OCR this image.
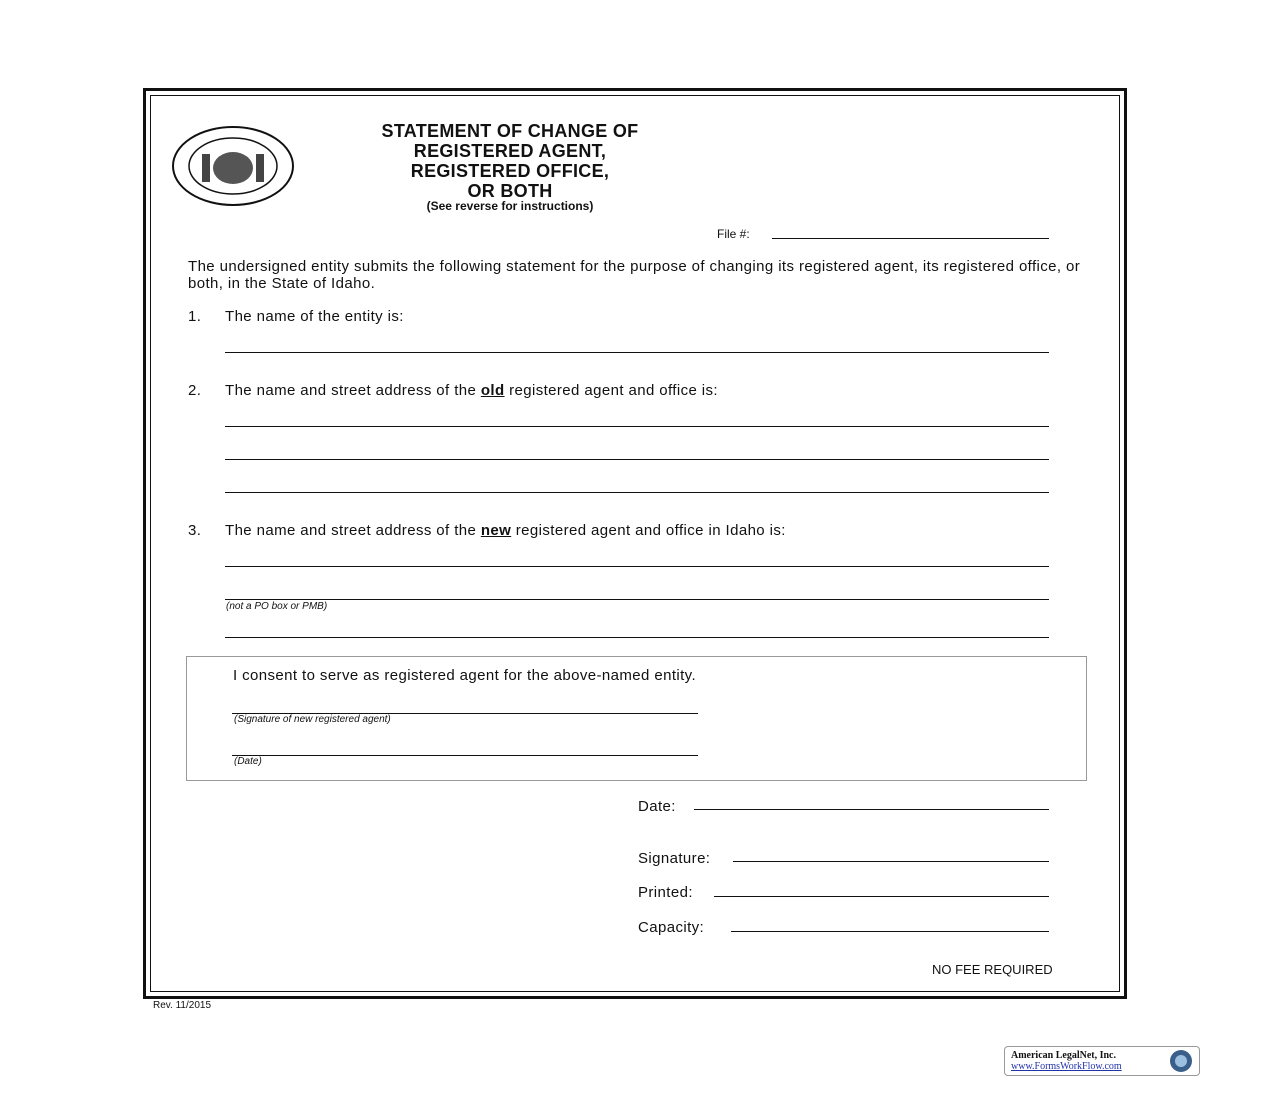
STATEMENT OF CHANGE OF
REGISTERED AGENT,
REGISTERED OFFICE,
OR BOTH
(See reverse for instructions)
File #:
The undersigned entity submits the following statement for the purpose of changing its registered agent, its registered office, or both, in the State of Idaho.
1. The name of the entity is:
2. The name and street address of the old registered agent and office is:
3. The name and street address of the new registered agent and office in Idaho is:
(not a PO box or PMB)
I consent to serve as registered agent for the above-named entity.
(Signature of new registered agent)
(Date)
Date:
Signature:
Printed:
Capacity:
NO FEE REQUIRED
Rev. 11/2015
American LegalNet, Inc.
www.FormsWorkFlow.com
